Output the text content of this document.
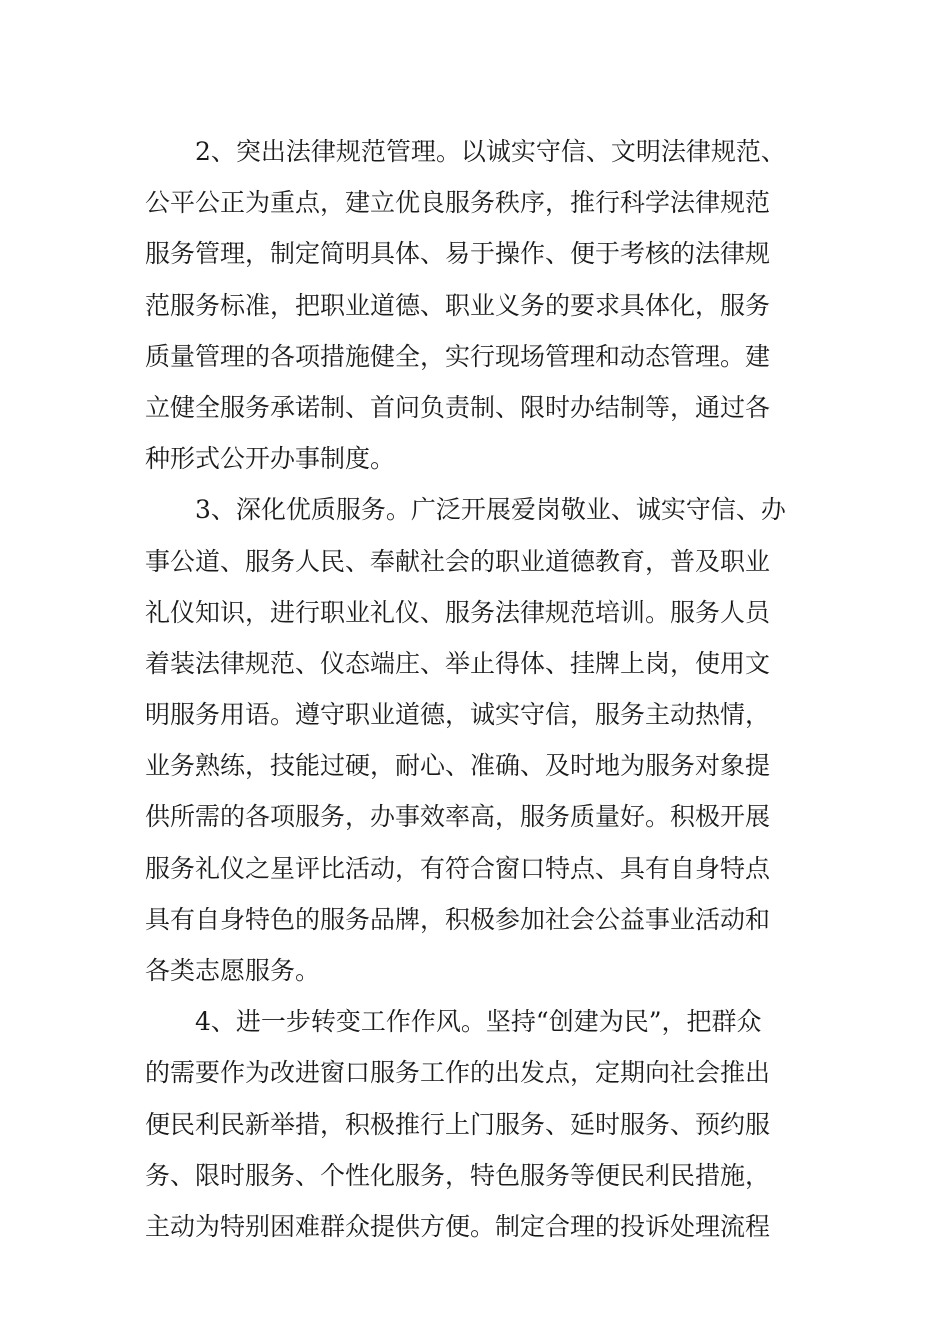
　　2、突出法律规范管理。以诚实守信、文明法律规范、
公平公正为重点，建立优良服务秩序，推行科学法律规范
服务管理，制定简明具体、易于操作、便于考核的法律规
范服务标准，把职业道德、职业义务的要求具体化，服务
质量管理的各项措施健全，实行现场管理和动态管理。建
立健全服务承诺制、首问负责制、限时办结制等，通过各
种形式公开办事制度。
　　3、深化优质服务。广泛开展爱岗敬业、诚实守信、办
事公道、服务人民、奉献社会的职业道德教育，普及职业
礼仪知识，进行职业礼仪、服务法律规范培训。服务人员
着装法律规范、仪态端庄、举止得体、挂牌上岗，使用文
明服务用语。遵守职业道德，诚实守信，服务主动热情，
业务熟练，技能过硬，耐心、准确、及时地为服务对象提
供所需的各项服务，办事效率高，服务质量好。积极开展
服务礼仪之星评比活动，有符合窗口特点、具有自身特点
具有自身特色的服务品牌，积极参加社会公益事业活动和
各类志愿服务。
　　4、进一步转变工作作风。坚持“创建为民”，把群众
的需要作为改进窗口服务工作的出发点，定期向社会推出
便民利民新举措，积极推行上门服务、延时服务、预约服
务、限时服务、个性化服务，特色服务等便民利民措施，
主动为特别困难群众提供方便。制定合理的投诉处理流程
